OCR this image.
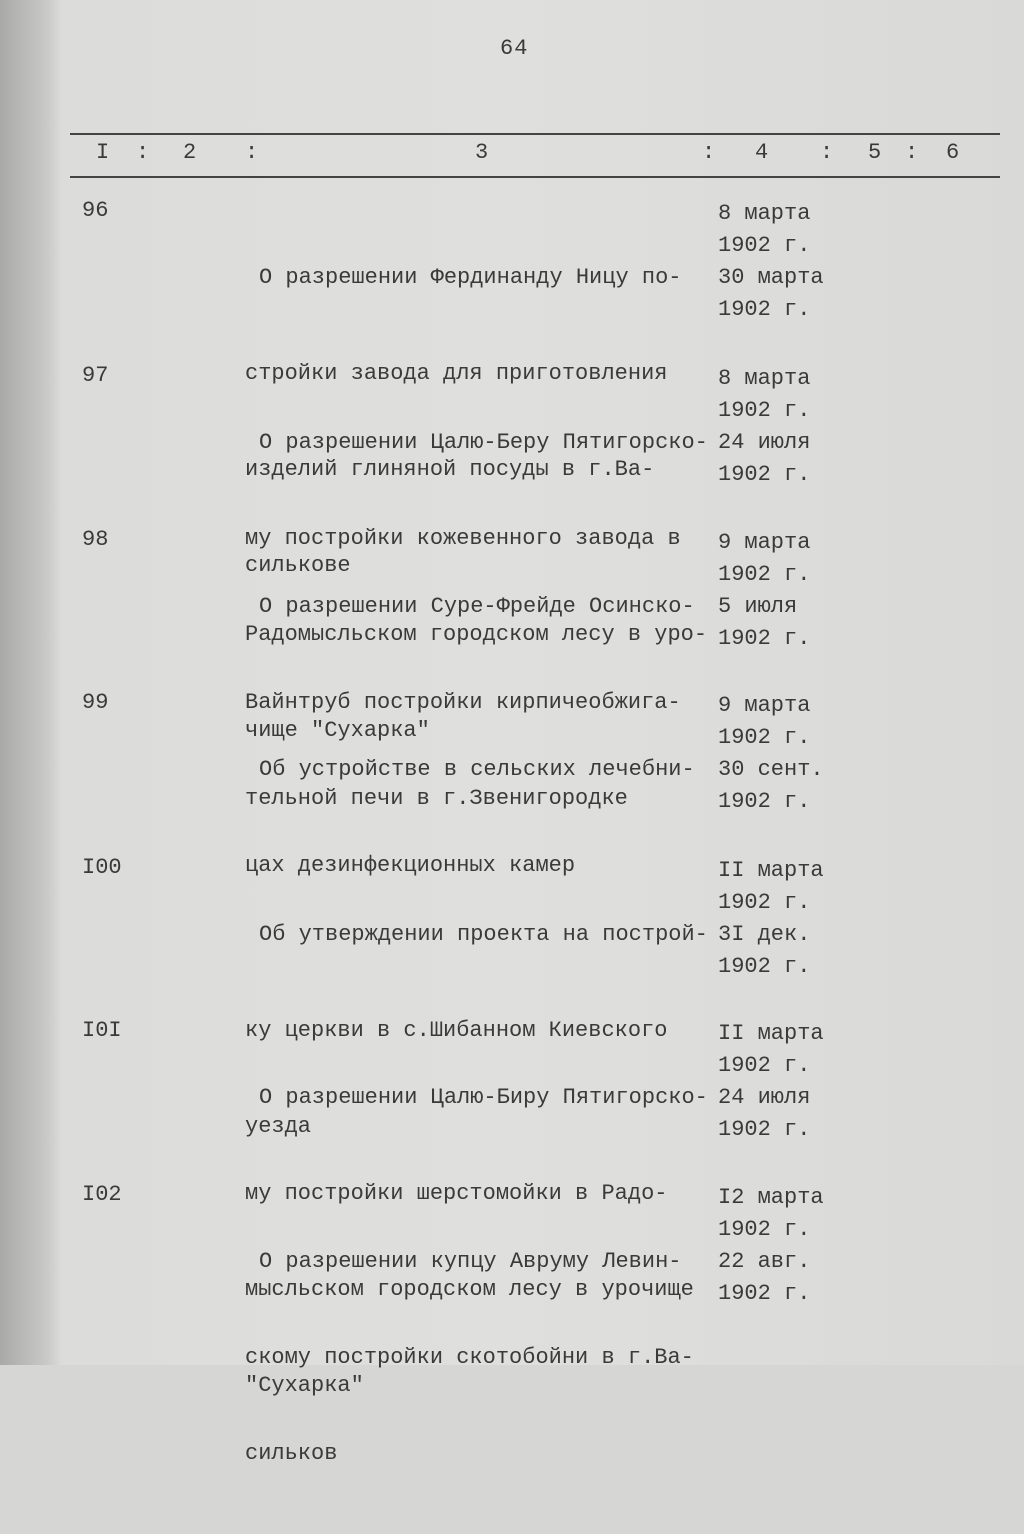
64
I : 2 :	3	: 4 : 5 : 6
96

О разрешении Фердинанду Ницу по-

стройки завода для приготовления

изделий глиняной посуды в г.Ва-

силькове

8 марта
1902 г.
30 марта
1902 г.
97

О разрешении Цалю-Беру Пятигорско-

му постройки кожевенного завода в

Радомысльском городском лесу в уро-

чище "Сухарка"

8 марта
1902 г.
24 июля
1902 г.
98

О разрешении Суре-Фрейде Осинско-

Вайнтруб постройки кирпичеобжига-

тельной печи в г.Звенигородке

9 марта
1902 г.
5 июля
1902 г.
99

Об устройстве в сельских лечебни-

цах дезинфекционных камер

9 марта
1902 г.
30 сент.
1902 г.
I00

Об утверждении проекта на построй-

ку церкви в с.Шибанном Киевского

уезда

II марта
1902 г.
3I дек.
1902 г.
I0I

О разрешении Цалю-Биру Пятигорско-

му постройки шерстомойки в Радо-

мысльском городском лесу в урочище

"Сухарка"

II марта
1902 г.
24 июля
1902 г.
I02

О разрешении купцу Авруму Левин-

скому постройки скотобойни в г.Ва-

сильков

I2 марта
1902 г.
22 авг.
1902 г.
